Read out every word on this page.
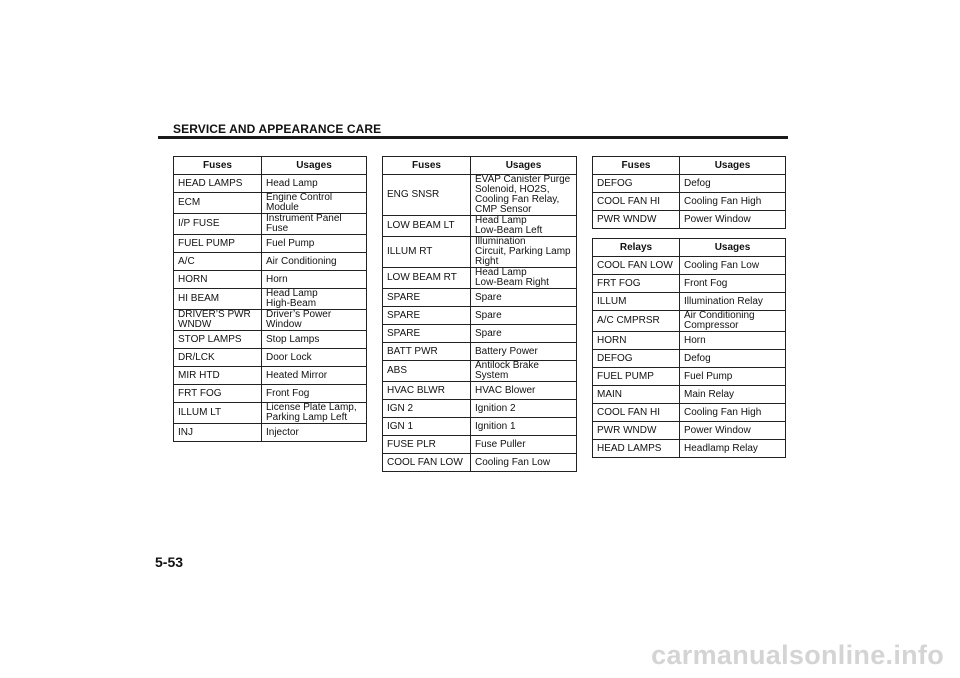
SERVICE AND APPEARANCE CARE
Fuses	Usages
HEAD LAMPS	Head Lamp
ECM	Engine Control
Module
I/P FUSE	Instrument Panel
Fuse
FUEL PUMP	Fuel Pump
A/C	Air Conditioning
HORN	Horn
HI BEAM	Head Lamp
High-Beam
DRIVER’S PWR
WNDW	Driver’s Power
Window
STOP LAMPS	Stop Lamps
DR/LCK	Door Lock
MIR HTD	Heated Mirror
FRT FOG	Front Fog
ILLUM LT	License Plate Lamp,
Parking Lamp Left
INJ	Injector
Fuses	Usages
ENG SNSR	EVAP Canister Purge
Solenoid, HO2S,
Cooling Fan Relay,
CMP Sensor
LOW BEAM LT	Head Lamp
Low-Beam Left
ILLUM RT	Illumination
Circuit, Parking Lamp
Right
LOW BEAM RT	Head Lamp
Low-Beam Right
SPARE	Spare
SPARE	Spare
SPARE	Spare
BATT PWR	Battery Power
ABS	Antilock Brake
System
HVAC BLWR	HVAC Blower
IGN 2	Ignition 2
IGN 1	Ignition 1
FUSE PLR	Fuse Puller
COOL FAN LOW	Cooling Fan Low
Fuses	Usages
DEFOG	Defog
COOL FAN HI	Cooling Fan High
PWR WNDW	Power Window
Relays	Usages
COOL FAN LOW	Cooling Fan Low
FRT FOG	Front Fog
ILLUM	Illumination Relay
A/C CMPRSR	Air Conditioning
Compressor
HORN	Horn
DEFOG	Defog
FUEL PUMP	Fuel Pump
MAIN	Main Relay
COOL FAN HI	Cooling Fan High
PWR WNDW	Power Window
HEAD LAMPS	Headlamp Relay
5-53
carmanualsonline.info
